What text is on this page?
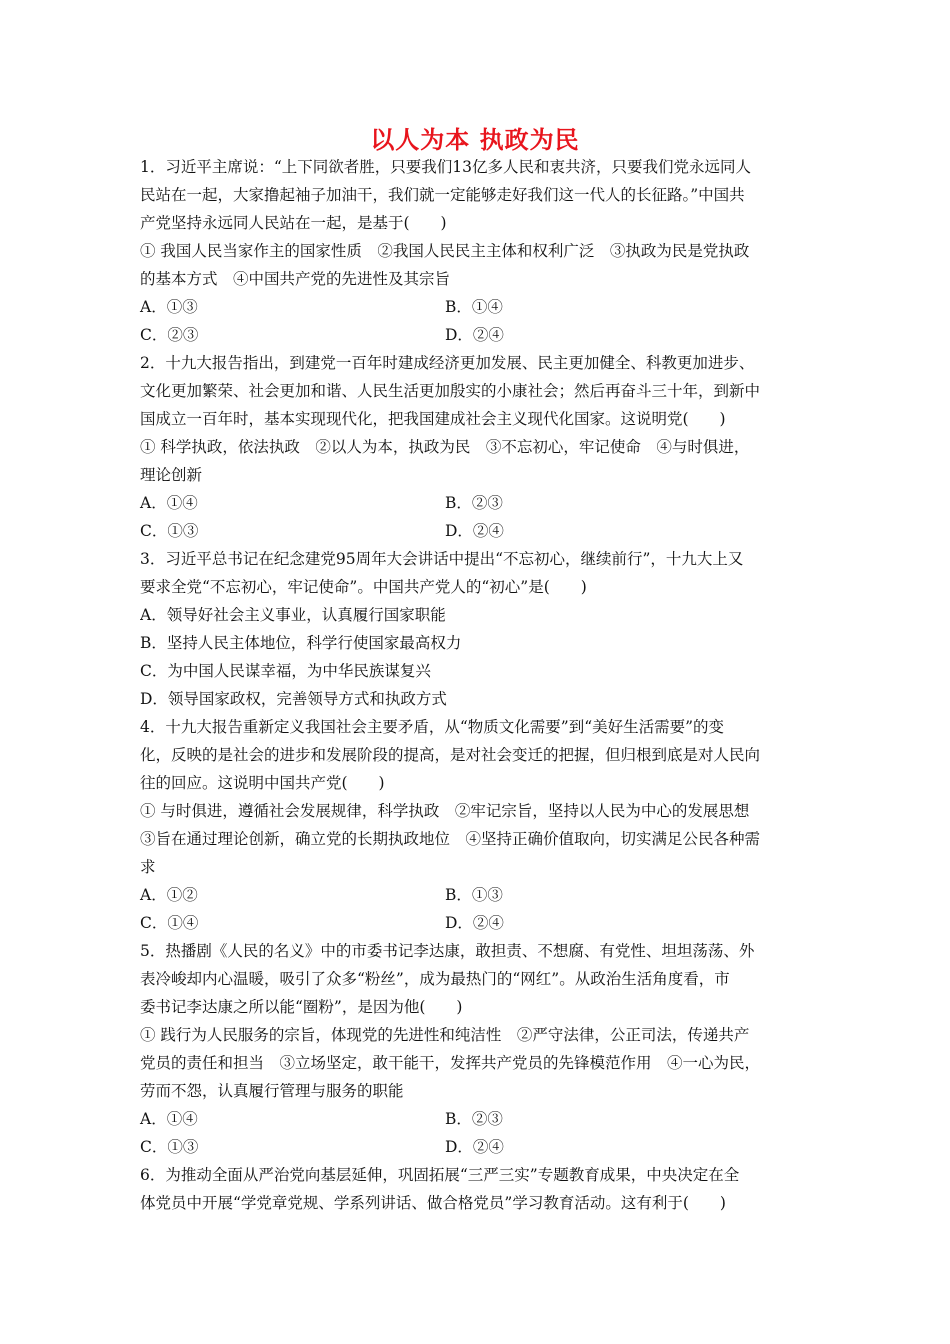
以人为本 执政为民
1．习近平主席说：“上下同欲者胜，只要我们13亿多人民和衷共济，只要我们党永远同人
民站在一起，大家撸起袖子加油干，我们就一定能够走好我们这一代人的长征路。”中国共
产党坚持永远同人民站在一起，是基于(　　)
① 我国人民当家作主的国家性质　②我国人民民主主体和权利广泛　③执政为民是党执政
的基本方式　④中国共产党的先进性及其宗旨
A．①③	B．①④
C．②③	D．②④
2．十九大报告指出，到建党一百年时建成经济更加发展、民主更加健全、科教更加进步、
文化更加繁荣、社会更加和谐、人民生活更加殷实的小康社会；然后再奋斗三十年，到新中
国成立一百年时，基本实现现代化，把我国建成社会主义现代化国家。这说明党(　　)
① 科学执政，依法执政　②以人为本，执政为民　③不忘初心，牢记使命　④与时俱进，
理论创新
A．①④	B．②③
C．①③	D．②④
3．习近平总书记在纪念建党95周年大会讲话中提出“不忘初心，继续前行”，十九大上又
要求全党“不忘初心，牢记使命”。中国共产党人的“初心”是(　　)
A．领导好社会主义事业，认真履行国家职能
B．坚持人民主体地位，科学行使国家最高权力
C．为中国人民谋幸福，为中华民族谋复兴
D．领导国家政权，完善领导方式和执政方式
4．十九大报告重新定义我国社会主要矛盾，从“物质文化需要”到“美好生活需要”的变
化，反映的是社会的进步和发展阶段的提高，是对社会变迁的把握，但归根到底是对人民向
往的回应。这说明中国共产党(　　)
① 与时俱进，遵循社会发展规律，科学执政　②牢记宗旨，坚持以人民为中心的发展思想
③旨在通过理论创新，确立党的长期执政地位　④坚持正确价值取向，切实满足公民各种需
求
A．①②	B．①③
C．①④	D．②④
5．热播剧《人民的名义》中的市委书记李达康，敢担责、不想腐、有党性、坦坦荡荡、外
表冷峻却内心温暖，吸引了众多“粉丝”，成为最热门的“网红”。从政治生活角度看，市
委书记李达康之所以能“圈粉”，是因为他(　　)
① 践行为人民服务的宗旨，体现党的先进性和纯洁性　②严守法律，公正司法，传递共产
党员的责任和担当　③立场坚定，敢干能干，发挥共产党员的先锋模范作用　④一心为民，
劳而不怨，认真履行管理与服务的职能
A．①④	B．②③
C．①③	D．②④
6．为推动全面从严治党向基层延伸，巩固拓展“三严三实”专题教育成果，中央决定在全
体党员中开展“学党章党规、学系列讲话、做合格党员”学习教育活动。这有利于(　　)
